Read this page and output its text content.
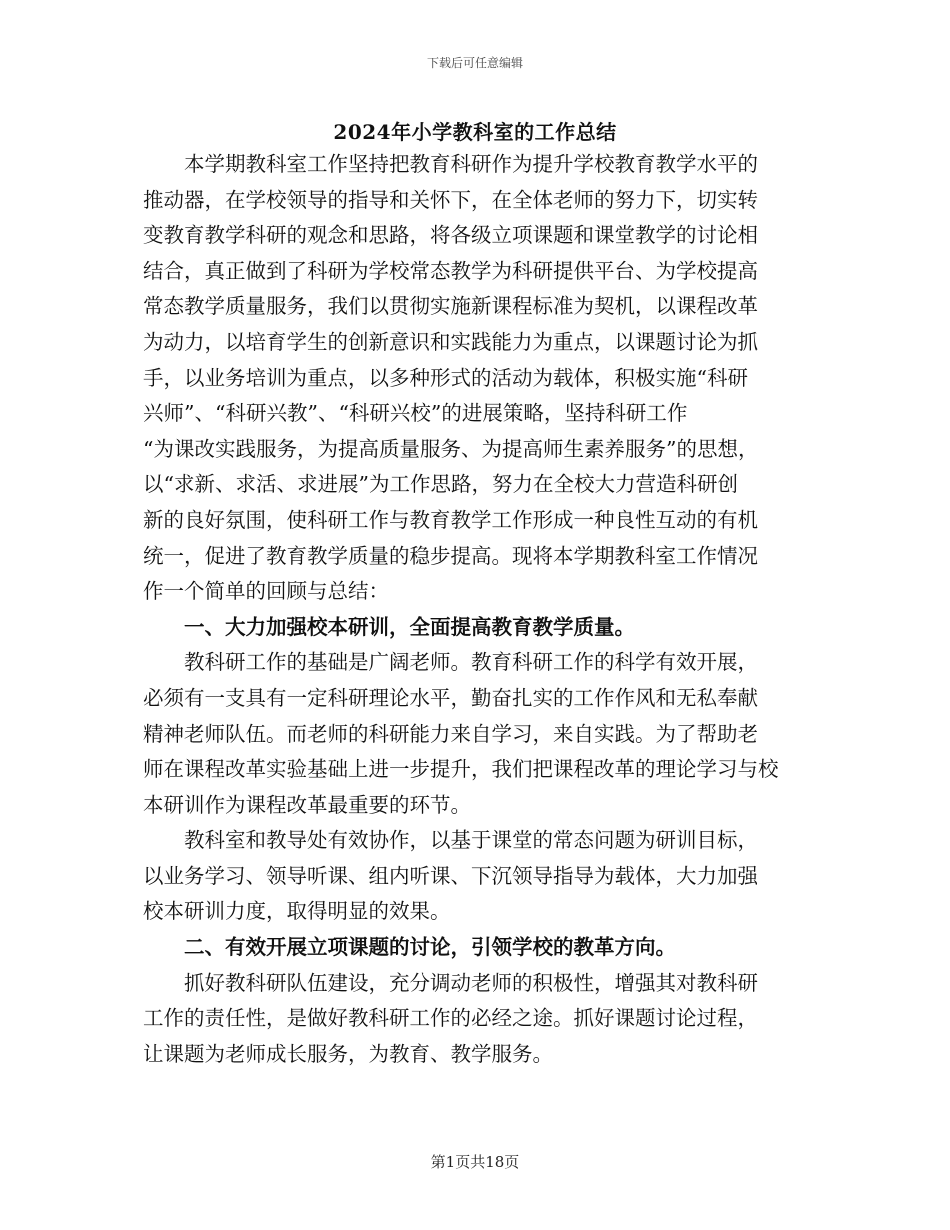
下载后可任意编辑
2024年小学教科室的工作总结

本学期教科室工作坚持把教育科研作为提升学校教育教学水平的
推动器，在学校领导的指导和关怀下，在全体老师的努力下，切实转
变教育教学科研的观念和思路，将各级立项课题和课堂教学的讨论相
结合，真正做到了科研为学校常态教学为科研提供平台、为学校提高
常态教学质量服务，我们以贯彻实施新课程标准为契机，以课程改革
为动力，以培育学生的创新意识和实践能力为重点，以课题讨论为抓
手，以业务培训为重点，以多种形式的活动为载体，积极实施“科研
兴师”、“科研兴教”、“科研兴校”的进展策略，坚持科研工作
“为课改实践服务，为提高质量服务、为提高师生素养服务”的思想，
以“求新、求活、求进展”为工作思路，努力在全校大力营造科研创
新的良好氛围，使科研工作与教育教学工作形成一种良性互动的有机
统一，促进了教育教学质量的稳步提高。现将本学期教科室工作情况
作一个简单的回顾与总结：

一、大力加强校本研训，全面提高教育教学质量。

教科研工作的基础是广阔老师。教育科研工作的科学有效开展，
必须有一支具有一定科研理论水平，勤奋扎实的工作作风和无私奉献
精神老师队伍。而老师的科研能力来自学习，来自实践。为了帮助老
师在课程改革实验基础上进一步提升，我们把课程改革的理论学习与校
本研训作为课程改革最重要的环节。

教科室和教导处有效协作，以基于课堂的常态问题为研训目标，
以业务学习、领导听课、组内听课、下沉领导指导为载体，大力加强
校本研训力度，取得明显的效果。

二、有效开展立项课题的讨论，引领学校的教革方向。

抓好教科研队伍建设，充分调动老师的积极性，增强其对教科研
工作的责任性，是做好教科研工作的必经之途。抓好课题讨论过程，
让课题为老师成长服务，为教育、教学服务。

第1页共18页
